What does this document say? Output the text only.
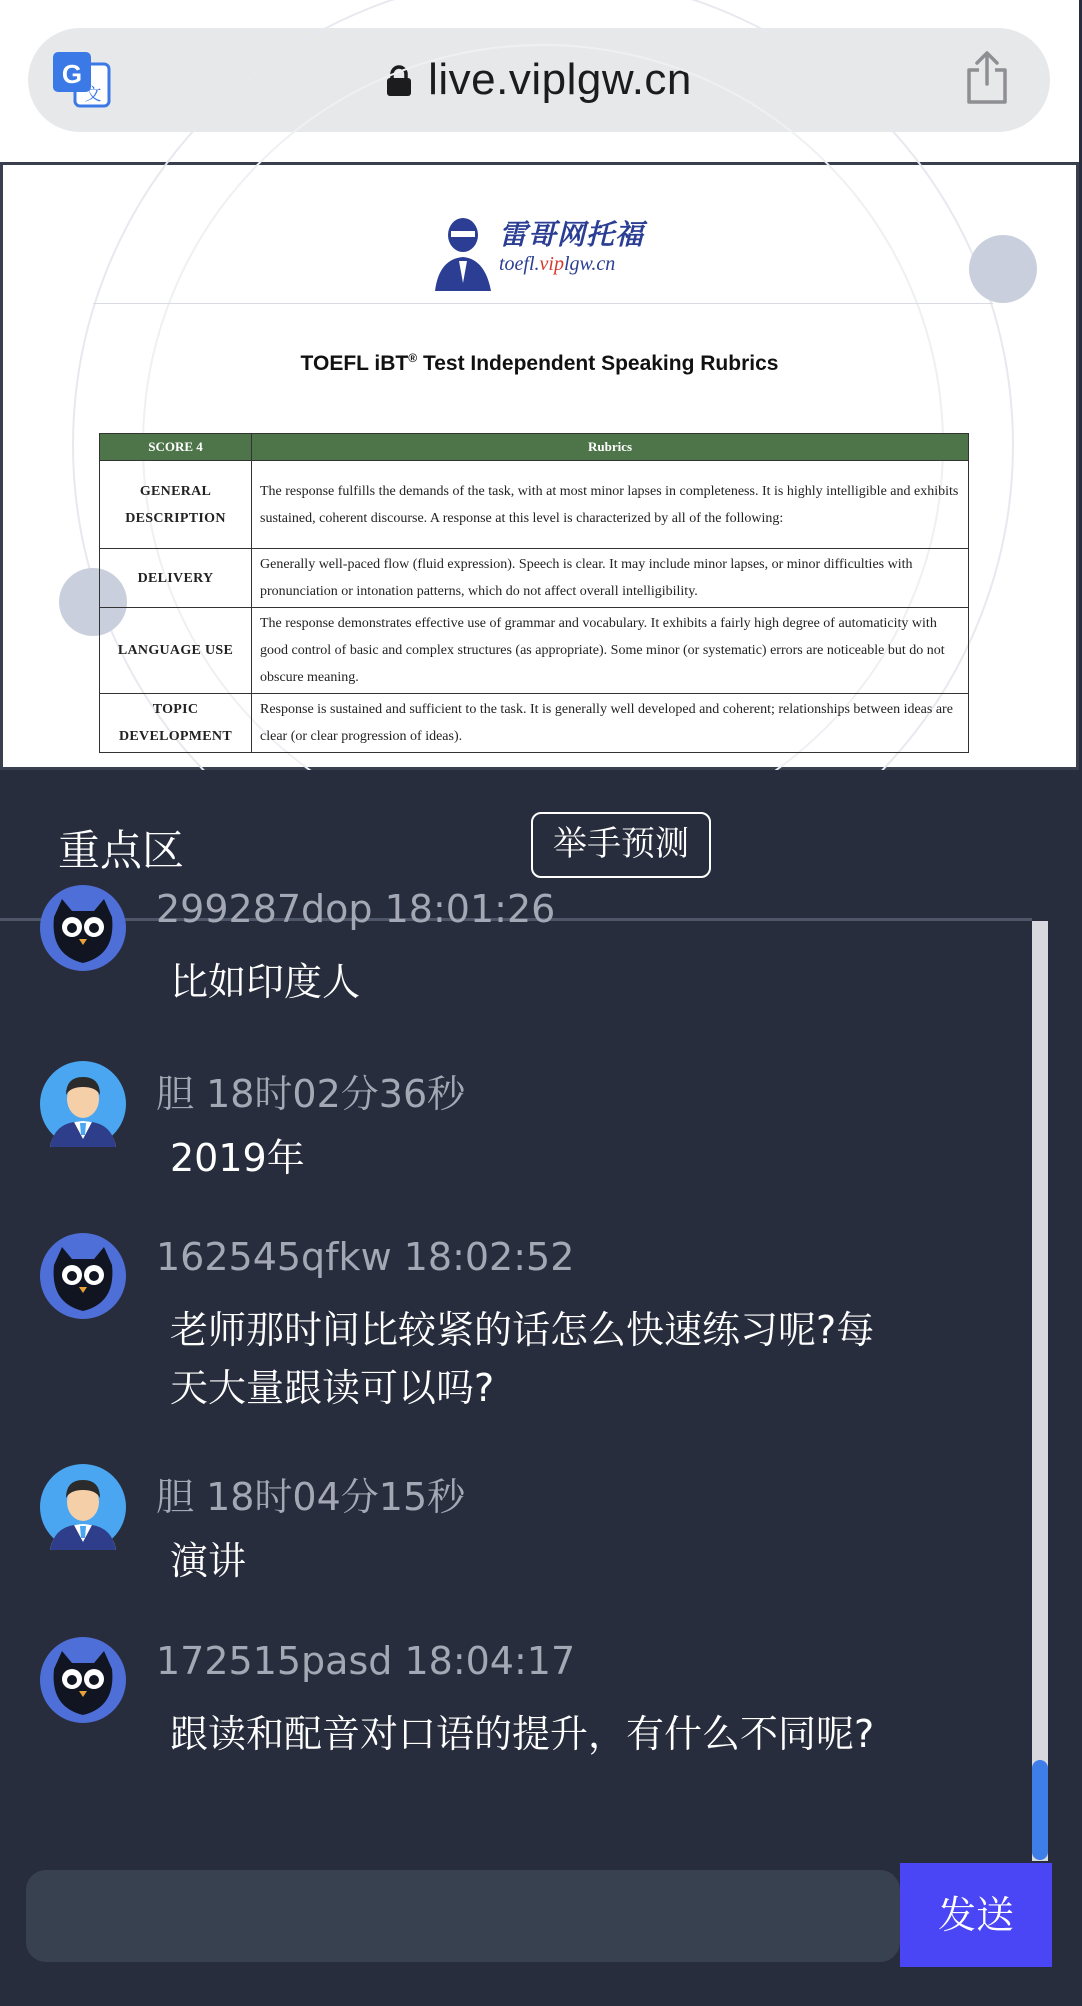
G
文	live.viplgw.cn
雷哥网托福
toefl.viplgw.cn
TOEFL iBT® Test Independent Speaking Rubrics
SCORE 4	Rubrics
GENERAL DESCRIPTION	The response fulfills the demands of the task, with at most minor lapses in completeness. It is highly intelligible and exhibits sustained, coherent discourse. A response at this level is characterized by all of the following:
DELIVERY	Generally well-paced flow (fluid expression). Speech is clear. It may include minor lapses, or minor difficulties with pronunciation or intonation patterns, which do not affect overall intelligibility.
LANGUAGE USE	The response demonstrates effective use of grammar and vocabulary. It exhibits a fairly high degree of automaticity with good control of basic and complex structures (as appropriate). Some minor (or systematic) errors are noticeable but do not obscure meaning.
TOPIC DEVELOPMENT	Response is sustained and sufficient to the task. It is generally well developed and coherent; relationships between ideas are clear (or clear progression of ideas).
重点区	举手预测
299287dop 18:01:26
比如印度人
胆 18时02分36秒
2019年
162545qfkw 18:02:52
老师那时间比较紧的话怎么快速练习呢?每天大量跟读可以吗?
胆 18时04分15秒
演讲
172515pasd 18:04:17
跟读和配音对口语的提升，有什么不同呢?
发送
